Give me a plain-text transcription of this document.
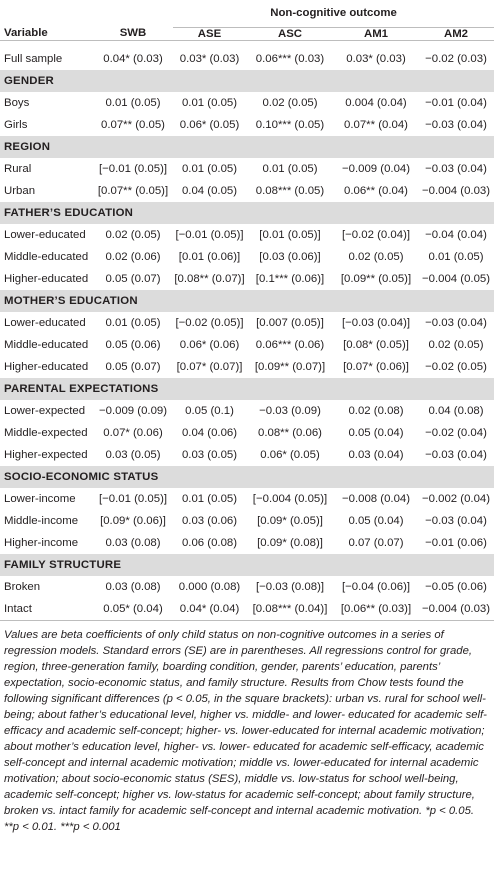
		Non-cognitive outcome			
Variable	SWB	ASE	ASC	AM1	AM2

Full sample	0.04* (0.03)	0.03* (0.03)	0.06*** (0.03)	0.03* (0.03)	−0.02 (0.03)
GENDER					
Boys	0.01 (0.05)	0.01 (0.05)	0.02 (0.05)	0.004 (0.04)	−0.01 (0.04)
Girls	0.07** (0.05)	0.06* (0.05)	0.10*** (0.05)	0.07** (0.04)	−0.03 (0.04)
REGION					
Rural	[−0.01 (0.05)]	0.01 (0.05)	0.01 (0.05)	−0.009 (0.04)	−0.03 (0.04)
Urban	[0.07** (0.05)]	0.04 (0.05)	0.08*** (0.05)	0.06** (0.04)	−0.004 (0.03)
FATHER’S EDUCATION					
Lower-educated	0.02 (0.05)	[−0.01 (0.05)]	[0.01 (0.05)]	[−0.02 (0.04)]	−0.04 (0.04)
Middle-educated	0.02 (0.06)	[0.01 (0.06)]	[0.03 (0.06)]	0.02 (0.05)	0.01 (0.05)
Higher-educated	0.05 (0.07)	[0.08** (0.07)]	[0.1*** (0.06)]	[0.09** (0.05)]	−0.004 (0.05)
MOTHER’S EDUCATION					
Lower-educated	0.01 (0.05)	[−0.02 (0.05)]	[0.007 (0.05)]	[−0.03 (0.04)]	−0.03 (0.04)
Middle-educated	0.05 (0.06)	0.06* (0.06)	0.06*** (0.06)	[0.08* (0.05)]	0.02 (0.05)
Higher-educated	0.05 (0.07)	[0.07* (0.07)]	[0.09** (0.07)]	[0.07* (0.06)]	−0.02 (0.05)
PARENTAL EXPECTATIONS					
Lower-expected	−0.009 (0.09)	0.05 (0.1)	−0.03 (0.09)	0.02 (0.08)	0.04 (0.08)
Middle-expected	0.07* (0.06)	0.04 (0.06)	0.08** (0.06)	0.05 (0.04)	−0.02 (0.04)
Higher-expected	0.03 (0.05)	0.03 (0.05)	0.06* (0.05)	0.03 (0.04)	−0.03 (0.04)
SOCIO-ECONOMIC STATUS					
Lower-income	[−0.01 (0.05)]	0.01 (0.05)	[−0.004 (0.05)]	−0.008 (0.04)	−0.002 (0.04)
Middle-income	[0.09* (0.06)]	0.03 (0.06)	[0.09* (0.05)]	0.05 (0.04)	−0.03 (0.04)
Higher-income	0.03 (0.08)	0.06 (0.08)	[0.09* (0.08)]	0.07 (0.07)	−0.01 (0.06)
FAMILY STRUCTURE					
Broken	0.03 (0.08)	0.000 (0.08)	[−0.03 (0.08)]	[−0.04 (0.06)]	−0.05 (0.06)
Intact	0.05* (0.04)	0.04* (0.04)	[0.08*** (0.04)]	[0.06** (0.03)]	−0.004 (0.03)

Values are beta coefficients of only child status on non-cognitive outcomes in a series of regression models. Standard errors (SE) are in parentheses. All regressions control for grade, region, three-generation family, boarding condition, gender, parents’ education, parents’ expectation, socio-economic status, and family structure. Results from Chow tests found the following significant differences (p < 0.05, in the square brackets): urban vs. rural for school well-being; about father’s educational level, higher vs. middle- and lower- educated for academic self-efficacy and academic self-concept; higher- vs. lower-educated for internal academic motivation; about mother’s education level, higher- vs. lower- educated for academic self-efficacy, academic self-concept and internal academic motivation; middle vs. lower-educated for internal academic motivation; about socio-economic status (SES), middle vs. low-status for school well-being, academic self-concept; higher vs. low-status for academic self-concept; about family structure, broken vs. intact family for academic self-concept and internal academic motivation. *p < 0.05. **p < 0.01. ***p < 0.001
